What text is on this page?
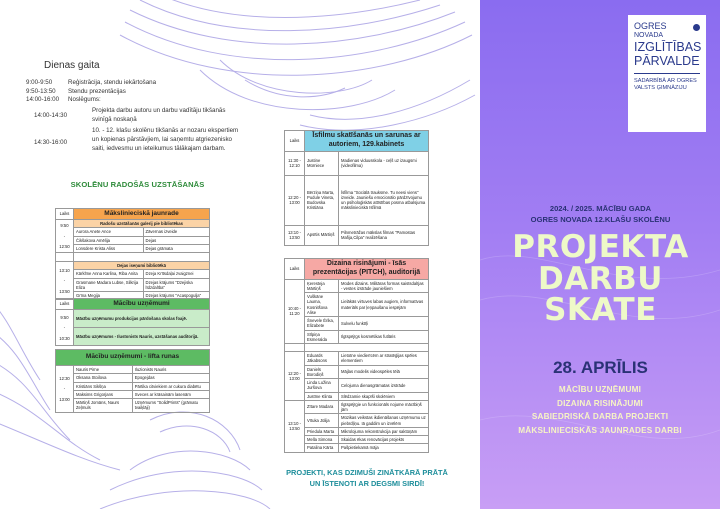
Dienas gaita
9:00-9:50	Reģistrācija, stendu iekārtošana
9:50-13:50	Stendu prezentācijas
14:00-16:00	Noslēgums:
14:00-14:30
Projekta darbu autoru un darbu vadītāju tikšanās svinīgā noskaņā
14:30-16:00
10. - 12. klašu skolēnu tikšanās ar nozaru ekspertiem un kopienas pārstāvjiem, lai saņemtu atgriezenisko saiti, iedvesmu un ieteikumus tālākajam darbam.
SKOLĒNU RADOŠĀS UZSTĀŠANĀS
Laiks	Mākslinieciskā jaunrade	
9:50

-

12:50	Radošu uzstāšanās galerij pie bibliotēkas	
	Aurora Anete Ance	Zāvernas izveide
	Čikšakova Amēlija	Dejas
	Lonsdere Krista Aliss	Dejas grāmata

13:10

-

13:50	Dejas iseņumi bibliotēkā	
	Kārklīne Anna Karlina, Riba Anita	Dzeja Krītsdaļai zvaigznei
	Grasmane Madara Lubse, Silkrija Eliza	Dzejas krājums "Dzejiska līdzdalība"
	Grīna Megija	Dzejas krājums "Acaspogulja"
Laiks	Mācību uzņēmumi
9:50

-

10:30	Mācību uzņēmumu produkcijas pārdošana skolas foajē.
	Mācību uzņēmums - Ilustonists Nauris, uzstāšanas auditorijā.
Mācību uzņēmumi - lifta runas		
12:30

-

13:00	Nauris Pirne	Iluzionists Nauris
	Oksana Stoilova	Epogejdas
	Kristiāns Sikšņa	Pārtika citviekiem ar cukura diabētu
	Maksims Grigorjans	Sveces ar krāsainām lasenām
	Mārtiņš Jomāns, Naurs Zeļmuls	Uzņēmums "SolidPrints" (grāmatu tvaiķlāji)
Laiks	Īsfilmu skatīšanās un sarunas ar autoriem, 129.kabinets	
11:30 - 12:10	Justine Mūrniece	Madienas viduusskola - ceļš uz izaugsmi (videofilma)
12:20 - 13:00	Bērziņa Marta, Pudule Vineta, Budovska Kristiāna	Īsfilma "Sociālā trauksme. Tu neesi viens" izveide. Jauniešu emocionālo pārdzīvojumu un psiholoģiskās attīstības posma atbalsjuma mākslinieciskā īsfilmā
13:10 - 13:50	Apsītis Mārtiņš	Pilnmetrāžas mākslas filmas "Pamostas Mafija,Cilpa" realizēšana
Laiks	Dizaina risinājumi - īsās prezentācijas (PITCH), auditorijā	
10:40 - 11:20	Ķeresteja Mārtiņš	Modes dizains. Militāras formas saistsdalījas - vestes izstrāde jauniešiem
	Vuškāne Lauma, Kosnitšova Alise	Lielākās virtuves labas augiem, informatīvas materiāls par ļeņpaušanu iespējām
	Šnevele Ērika, Elizabete	Sulvelu funktīļi
	Sīlpiņa Esmeralda	Ilgtspējīgs kosmētikas futlāris

12:20 - 13:00	Eduards Jākabsons	Lietotne viedierīcēm ar stratēģijas spēles elementiem
	Daniels Borodiņš	Mājlas modelis videospēles tēlā
	Linda Lužina Juršova	Celojuma dienasgrāmatas izstrāde
	Justīne Klinta	Slēdzamie skapīši skolēniem
13:10 - 13:50	Zītare Madara	Ilgtspējīgie un funkcionāls nojume mācībiņš jām
	Vītuka Jūlija	Mūzikas veikstas ikdienāšanas uzņēmumu uz piebrdļiņu. Iā gaddim un izvēlēm
	Priedula Marta	Mikrolojuma rekonstrukcija par saktūņām
	Mella Simona	Skaidas ēkas renovācijas projekts
	Patalina Kārta	Pašpietiekamā māja
PROJEKTI, KAS DZIMUŠI ZINĀTKĀRĀ PRĀTĀ
UN ĪSTENOTI AR DEGSMI SIRDĪ!
OGRES
NOVADA
IZGLĪTĪBAS
PĀRVALDE
SADARBĪBĀ AR OGRES VALSTS ĢIMNĀZIJU
2024. / 2025. MĀCĪBU GADA
OGRES NOVADA 12.KLAŠU SKOLĒNU
PROJEKTA
DARBU
SKATE
28. APRĪLIS
MĀCĪBU UZŅĒMUMI
DIZAINA RISINĀJUMI
SABIEDRISKĀ DARBA PROJEKTI
MĀKSLINIECISKĀS JAUNRADES DARBI
